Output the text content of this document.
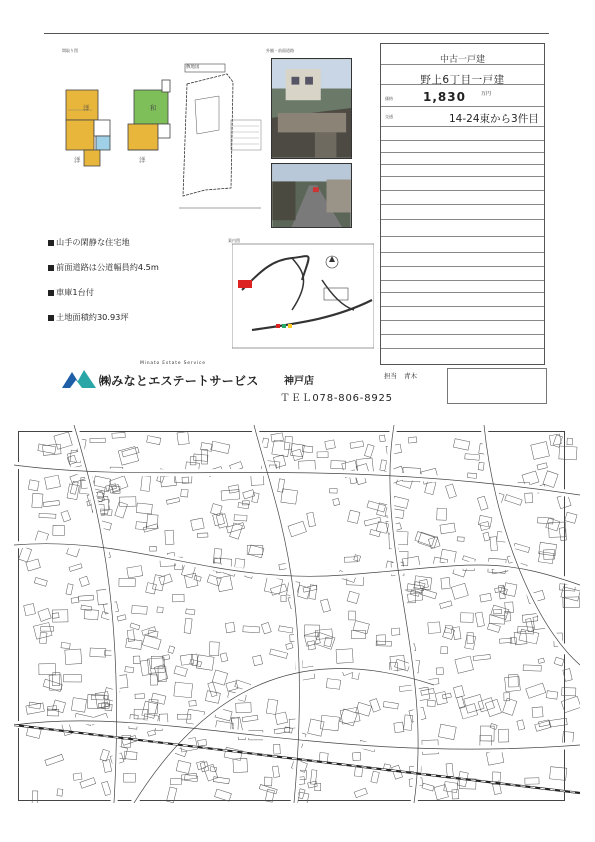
間取り図
洋	和
洋	洋
敷地図
外観・前面道路
山手の閑静な住宅地
前面道路は公道幅員約4.5m
車庫1台付
土地面積約30.93坪
案内図
中古一戸建
野上6丁目一戸建
価格	1,830	万円
交通	14-24東から3件目
Minato Estate Service
㈱みなとエステートサービス	神戸店
ＴＥＬ078-806-8925
担当 青木
